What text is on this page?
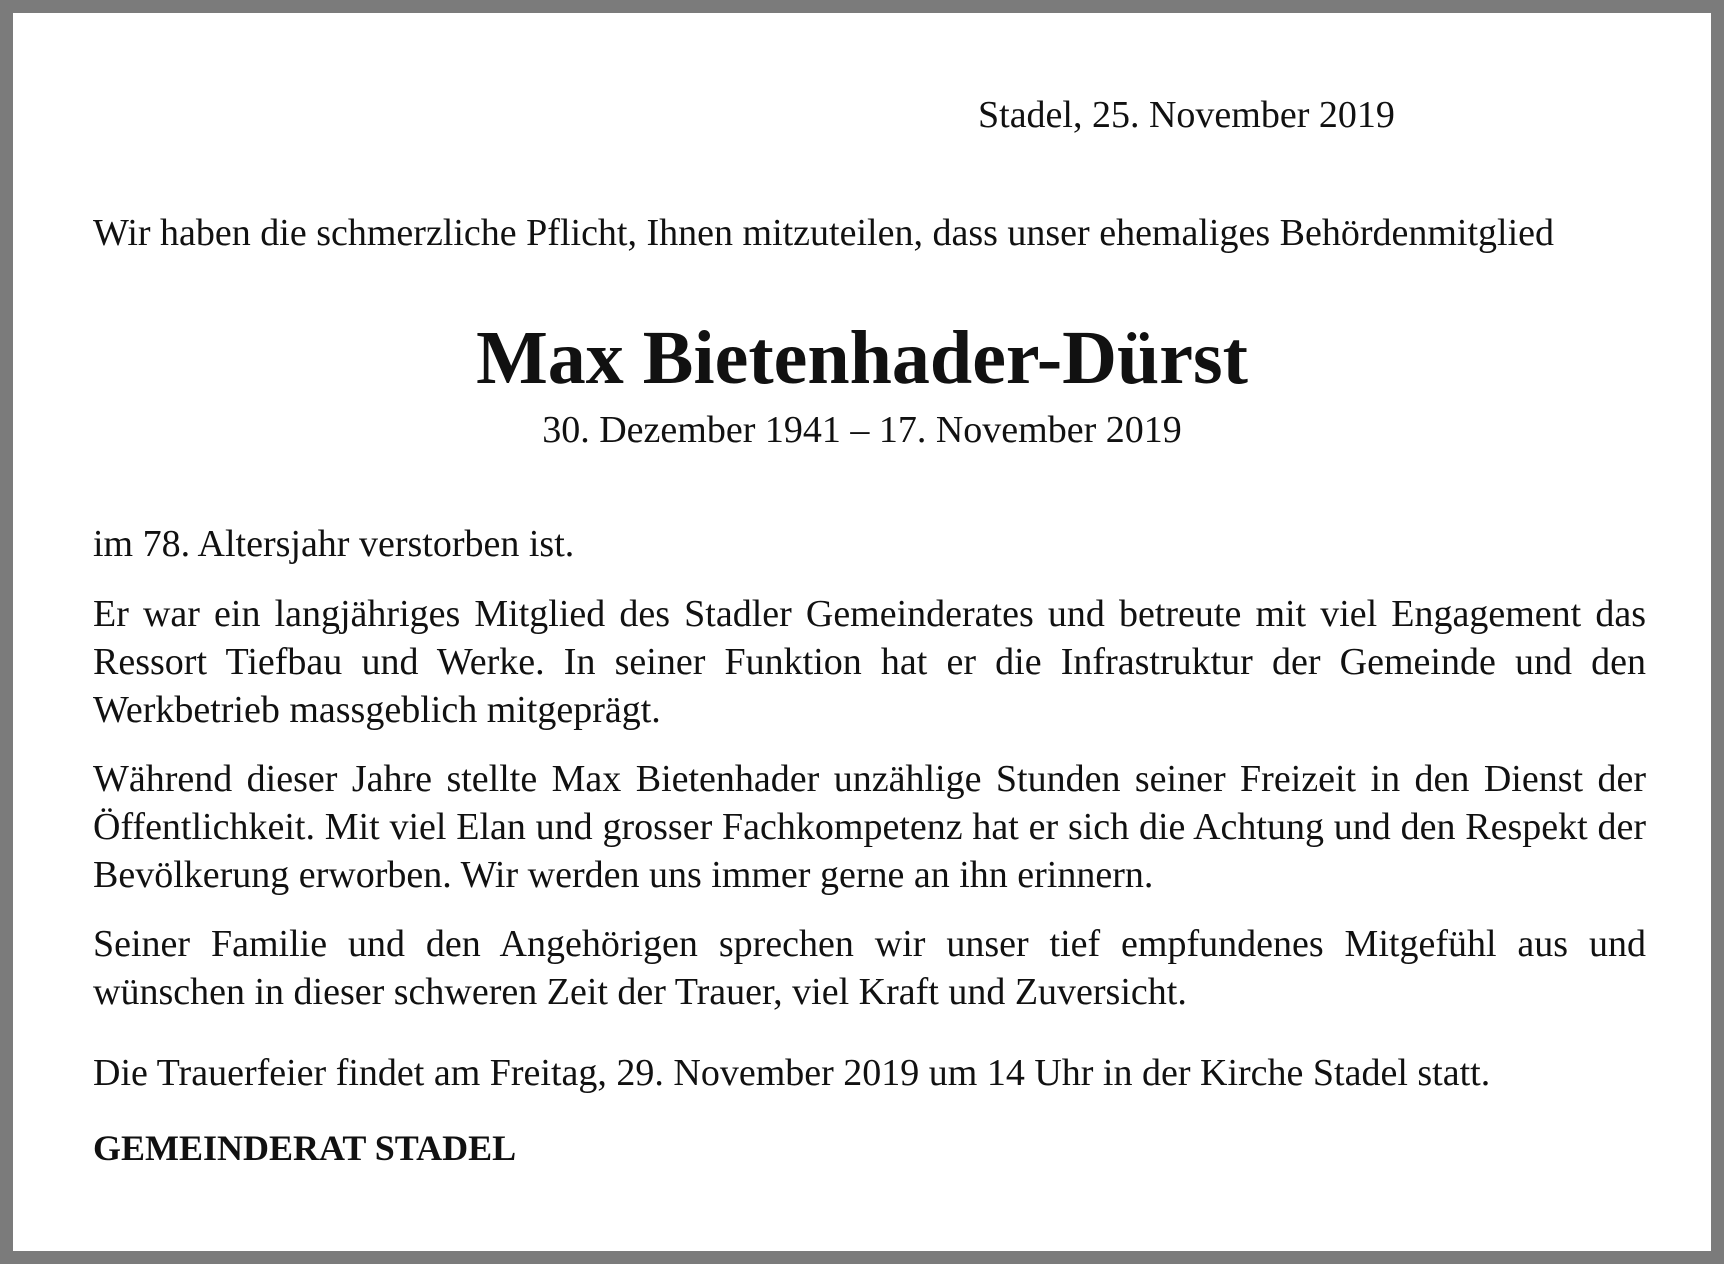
Stadel, 25. November 2019
Wir haben die schmerzliche Pflicht, Ihnen mitzuteilen, dass unser ehemaliges Behördenmitglied
Max Bietenhader-Dürst
30. Dezember 1941 – 17. November 2019

im 78. Altersjahr verstorben ist.

Er war ein langjähriges Mitglied des Stadler Gemeinderates und betreute mit viel Engagement das Ressort Tiefbau und Werke. In seiner Funktion hat er die Infrastruktur der Gemeinde und den Werkbetrieb massgeblich mitgeprägt.

Während dieser Jahre stellte Max Bietenhader unzählige Stunden seiner Freizeit in den Dienst der Öffentlichkeit. Mit viel Elan und grosser Fachkompetenz hat er sich die Achtung und den Respekt der Bevölkerung erworben. Wir werden uns immer gerne an ihn erinnern.

Seiner Familie und den Angehörigen sprechen wir unser tief empfundenes Mitgefühl aus und wünschen in dieser schweren Zeit der Trauer, viel Kraft und Zuversicht.

Die Trauerfeier findet am Freitag, 29. November 2019 um 14 Uhr in der Kirche Stadel statt.
GEMEINDERAT STADEL
